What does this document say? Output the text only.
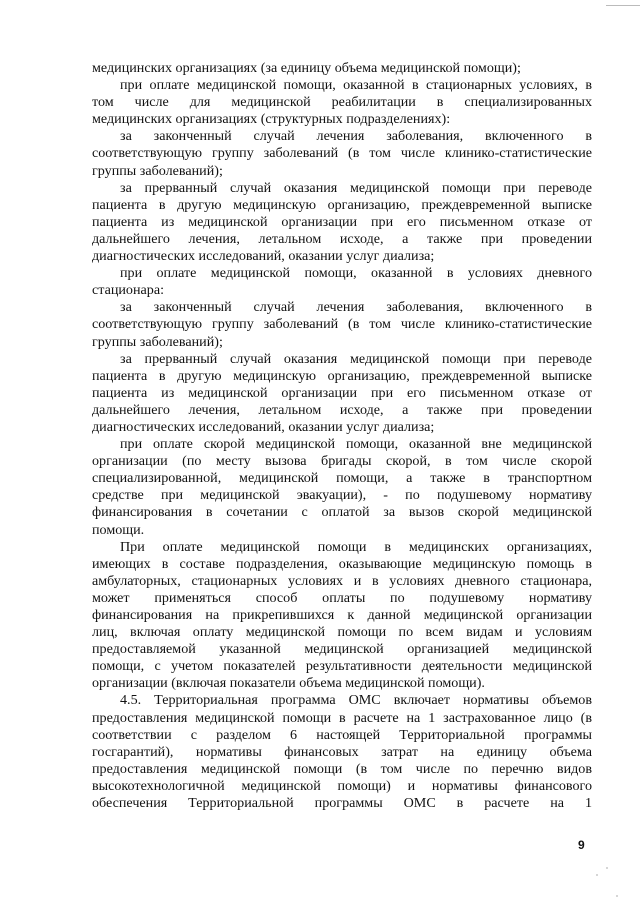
медицинских организациях (за единицу объема медицинской помощи);
при оплате медицинской помощи, оказанной в стационарных условиях, в
том числе для медицинской реабилитации в специализированных
медицинских организациях (структурных подразделениях):
за законченный случай лечения заболевания, включенного в
соответствующую группу заболеваний (в том числе клинико-статистические
группы заболеваний);
за прерванный случай оказания медицинской помощи при переводе
пациента в другую медицинскую организацию, преждевременной выписке
пациента из медицинской организации при его письменном отказе от
дальнейшего лечения, летальном исходе, а также при проведении
диагностических исследований, оказании услуг диализа;
при оплате медицинской помощи, оказанной в условиях дневного
стационара:
за законченный случай лечения заболевания, включенного в
соответствующую группу заболеваний (в том числе клинико-статистические
группы заболеваний);
за прерванный случай оказания медицинской помощи при переводе
пациента в другую медицинскую организацию, преждевременной выписке
пациента из медицинской организации при его письменном отказе от
дальнейшего лечения, летальном исходе, а также при проведении
диагностических исследований, оказании услуг диализа;
при оплате скорой медицинской помощи, оказанной вне медицинской
организации (по месту вызова бригады скорой, в том числе скорой
специализированной, медицинской помощи, а также в транспортном
средстве при медицинской эвакуации), - по подушевому нормативу
финансирования в сочетании с оплатой за вызов скорой медицинской
помощи.
При оплате медицинской помощи в медицинских организациях,
имеющих в составе подразделения, оказывающие медицинскую помощь в
амбулаторных, стационарных условиях и в условиях дневного стационара,
может применяться способ оплаты по подушевому нормативу
финансирования на прикрепившихся к данной медицинской организации
лиц, включая оплату медицинской помощи по всем видам и условиям
предоставляемой указанной медицинской организацией медицинской
помощи, с учетом показателей результативности деятельности медицинской
организации (включая показатели объема медицинской помощи).
4.5. Территориальная программа ОМС включает нормативы объемов
предоставления медицинской помощи в расчете на 1 застрахованное лицо (в
соответствии с разделом 6 настоящей Территориальной программы
госгарантий), нормативы финансовых затрат на единицу объема
предоставления медицинской помощи (в том числе по перечню видов
высокотехнологичной медицинской помощи) и нормативы финансового
обеспечения Территориальной программы ОМС в расчете на 1
9
